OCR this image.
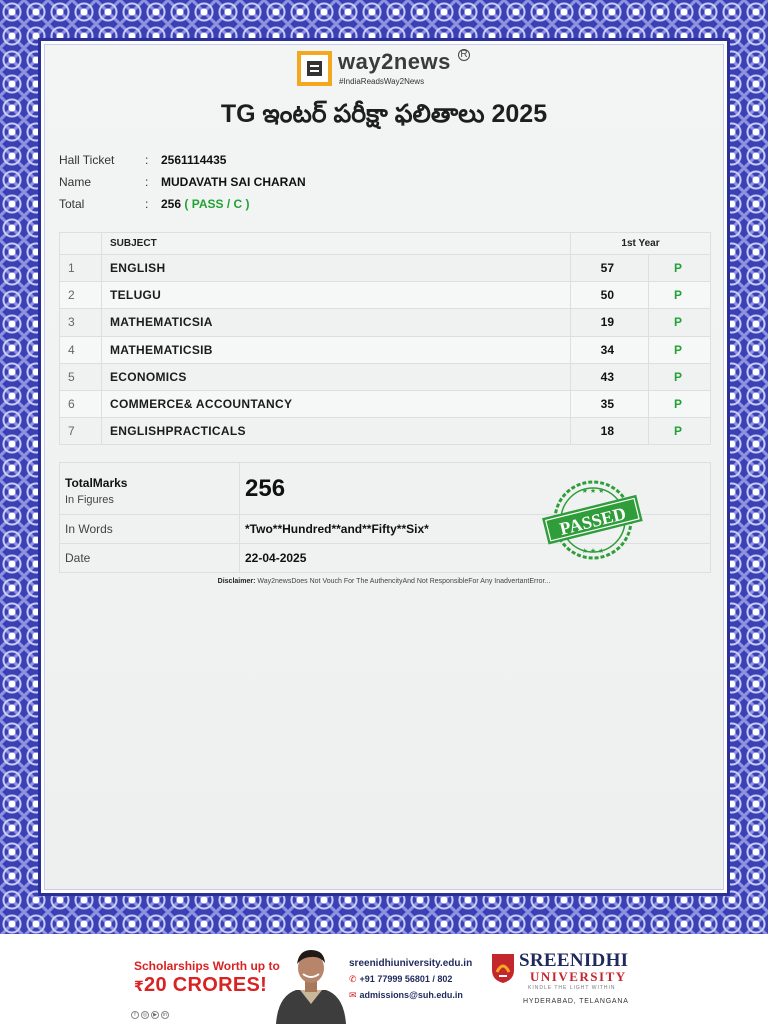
way2news R
#IndiaReadsWay2News
TG ఇంటర్ పరీక్షా ఫలితాలు 2025
Hall Ticket	: 2561114435
Name	: MUDAVATH SAI CHARAN
Total	: 256 ( PASS / C )
	SUBJECT	1st Year	
1	ENGLISH	57	P
2	TELUGU	50	P
3	MATHEMATICSIA	19	P
4	MATHEMATICSIB	34	P
5	ECONOMICS	43	P
6	COMMERCE& ACCOUNTANCY	35	P
7	ENGLISHPRACTICALS	18	P
TotalMarks
In Figures	256
In Words	*Two**Hundred**and**Fifty**Six*
Date	22-04-2025
PASSED
★ ★ ★
★ ★ ★
Disclaimer: Way2newsDoes Not Vouch For The AuthencityAnd Not ResponsibleFor Any InadvertantError...
Scholarships Worth up to
₹20 CRORES!
f ◎ ▶ in
sreenidhiuniversity.edu.in
✆ +91 77999 56801 / 802
✉ admissions@suh.edu.in
SREENIDHI
UNIVERSITY
KINDLE THE LIGHT WITHIN
HYDERABAD, TELANGANA
